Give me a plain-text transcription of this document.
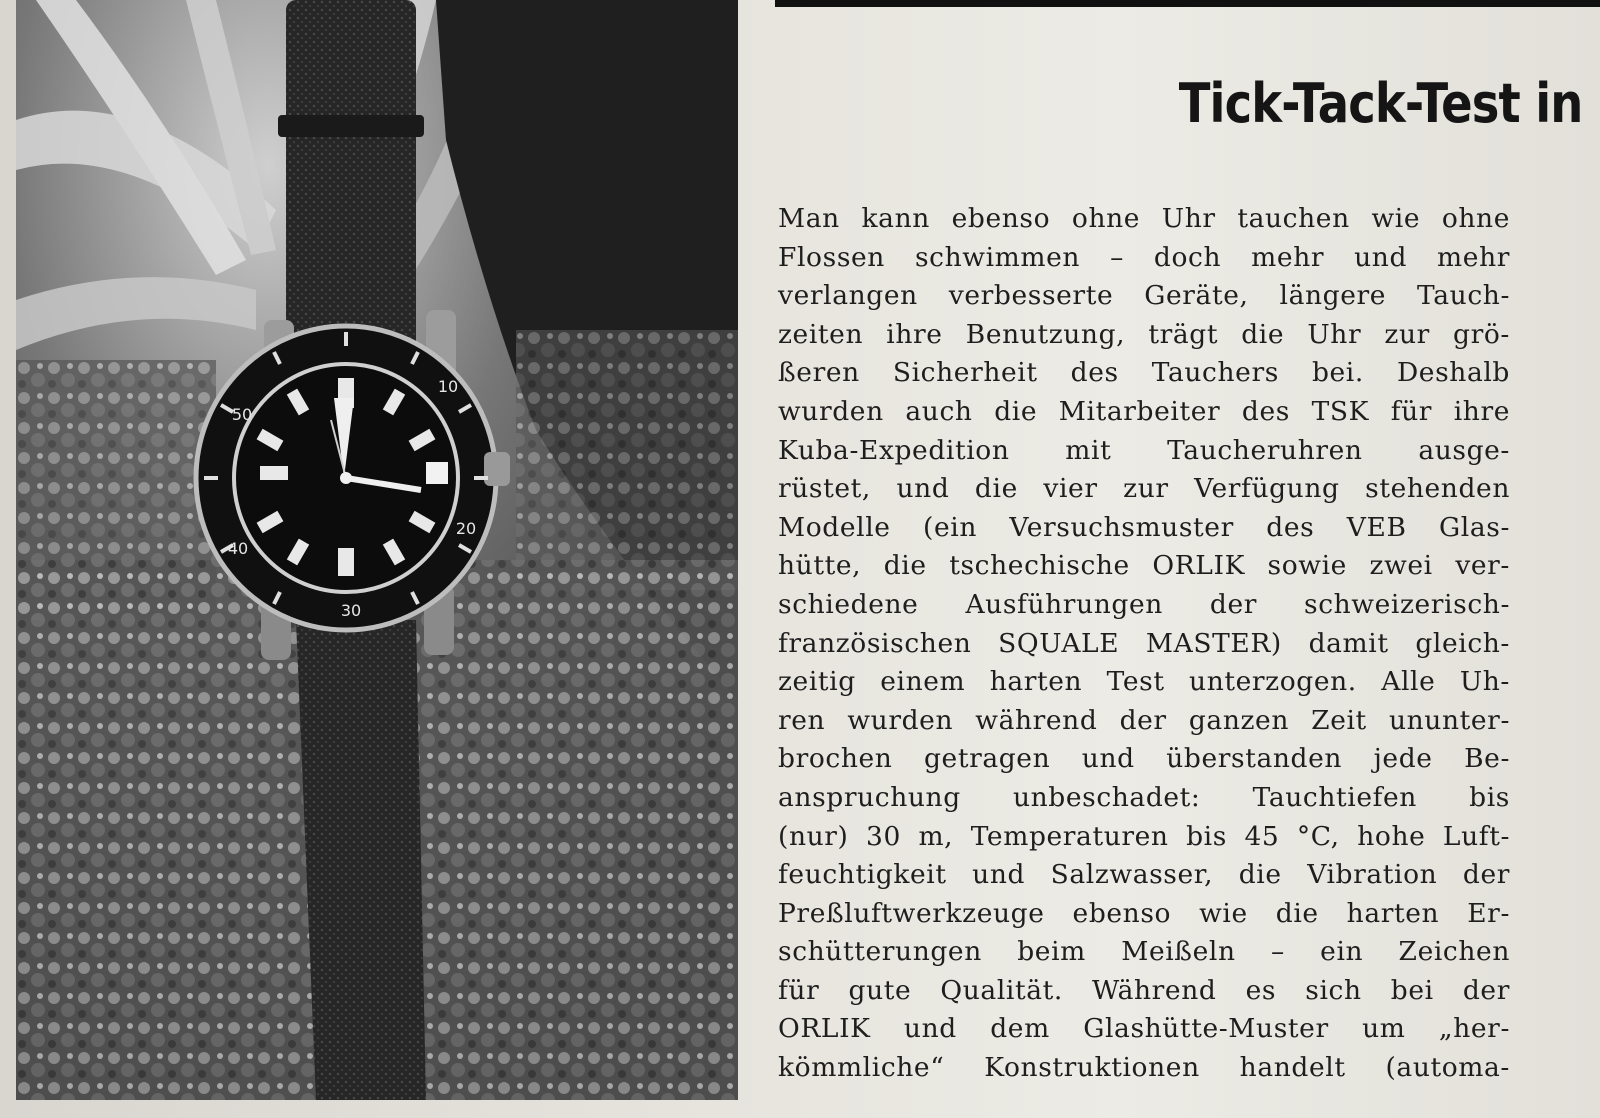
10
20
30
40
50
Tick-Tack-Test in
Man kann ebenso ohne Uhr tauchen wie ohne
Flossen schwimmen – doch mehr und mehr
verlangen verbesserte Geräte, längere Tauch-
zeiten ihre Benutzung, trägt die Uhr zur grö-
ßeren Sicherheit des Tauchers bei. Deshalb
wurden auch die Mitarbeiter des TSK für ihre
Kuba-Expedition mit Taucheruhren ausge-
rüstet, und die vier zur Verfügung stehenden
Modelle (ein Versuchsmuster des VEB Glas-
hütte, die tschechische ORLIK sowie zwei ver-
schiedene Ausführungen der schweizerisch-
französischen SQUALE MASTER) damit gleich-
zeitig einem harten Test unterzogen. Alle Uh-
ren wurden während der ganzen Zeit ununter-
brochen getragen und überstanden jede Be-
anspruchung unbeschadet: Tauchtiefen bis
(nur) 30 m, Temperaturen bis 45 °C, hohe Luft-
feuchtigkeit und Salzwasser, die Vibration der
Preßluftwerkzeuge ebenso wie die harten Er-
schütterungen beim Meißeln – ein Zeichen
für gute Qualität. Während es sich bei der
ORLIK und dem Glashütte-Muster um „her-
kömmliche“ Konstruktionen handelt (automa-
